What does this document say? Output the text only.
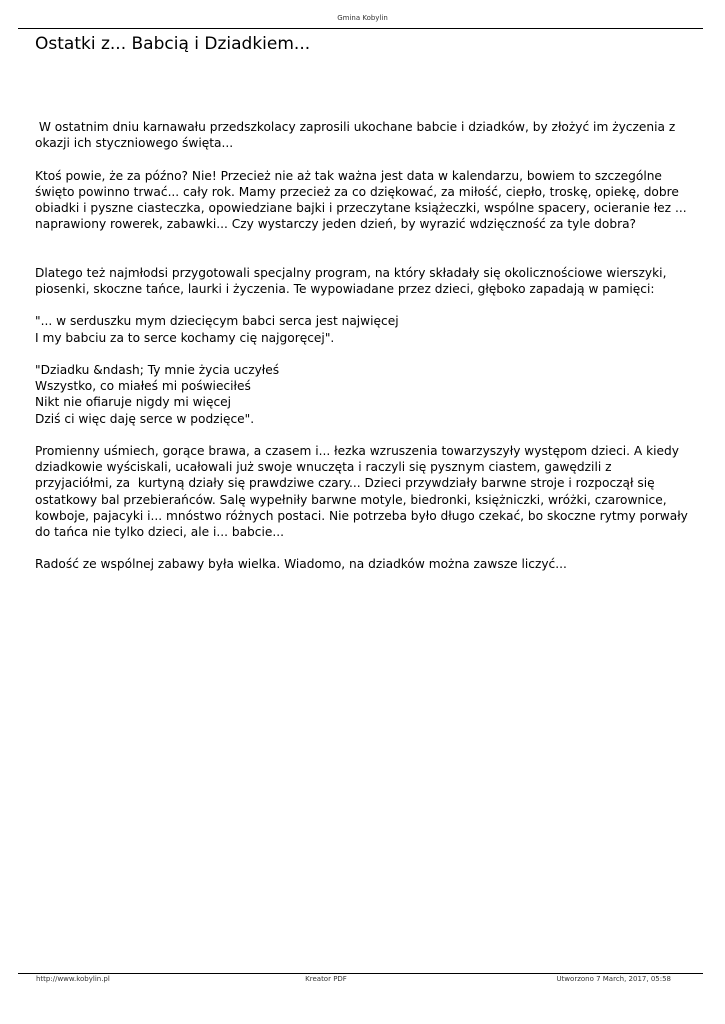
Gmina Kobylin
Ostatki z... Babcią i Dziadkiem...

W ostatnim dniu karnawału przedszkolacy zaprosili ukochane babcie i dziadków, by złożyć im życzenia z okazji ich styczniowego święta...

Ktoś powie, że za późno? Nie! Przecież nie aż tak ważna jest data w kalendarzu, bowiem to szczególne święto powinno trwać... cały rok. Mamy przecież za co dziękować, za miłość, ciepło, troskę, opiekę, dobre obiadki i pyszne ciasteczka, opowiedziane bajki i przeczytane książeczki, wspólne spacery, ocieranie łez ... naprawiony rowerek, zabawki... Czy wystarczy jeden dzień, by wyrazić wdzięczność za tyle dobra?

Dlatego też najmłodsi przygotowali specjalny program, na który składały się okolicznościowe wierszyki, piosenki, skoczne tańce, laurki i życzenia. Te wypowiadane przez dzieci, głęboko zapadają w pamięci:

"... w serduszku mym dziecięcym babci serca jest najwięcej
I my babciu za to serce kochamy cię najgoręcej".

"Dziadku &ndash; Ty mnie życia uczyłeś
Wszystko, co miałeś mi poświeciłeś
Nikt nie ofiaruje nigdy mi więcej
Dziś ci więc daję serce w podzięce".

Promienny uśmiech, gorące brawa, a czasem i... łezka wzruszenia towarzyszyły występom dzieci. A kiedy dziadkowie wyściskali, ucałowali już swoje wnuczęta i raczyli się pysznym ciastem, gawędzili z przyjaciółmi, za  kurtyną działy się prawdziwe czary... Dzieci przywdziały barwne stroje i rozpoczął się ostatkowy bal przebierańców. Salę wypełniły barwne motyle, biedronki, księżniczki, wróżki, czarownice, kowboje, pajacyki i... mnóstwo różnych postaci. Nie potrzeba było długo czekać, bo skoczne rytmy porwały do tańca nie tylko dzieci, ale i... babcie...

Radość ze wspólnej zabawy była wielka. Wiadomo, na dziadków można zawsze liczyć...

http://www.kobylin.pl	Kreator PDF	Utworzono 7 March, 2017, 05:58
